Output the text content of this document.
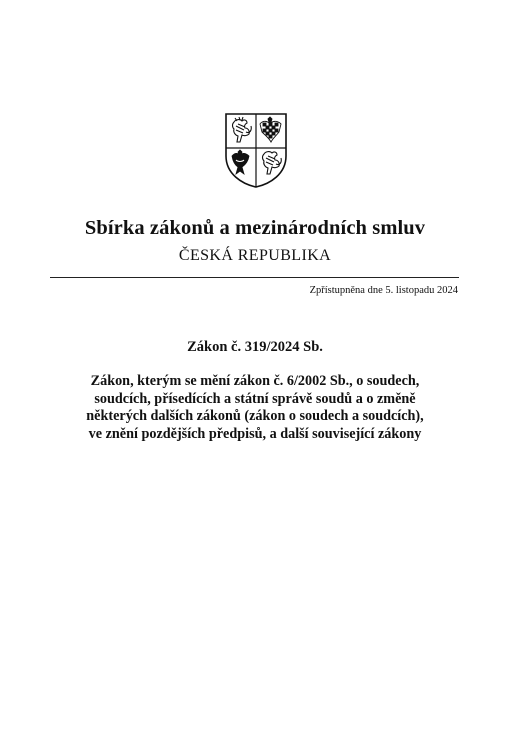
Sbírka zákonů a mezinárodních smluv
ČESKÁ REPUBLIKA
Zpřístupněna dne 5. listopadu 2024
Zákon č. 319/2024 Sb.
Zákon, kterým se mění zákon č. 6/2002 Sb., o soudech,
soudcích, přísedících a státní správě soudů a o změně
některých dalších zákonů (zákon o soudech a soudcích),
ve znění pozdějších předpisů, a další související zákony
